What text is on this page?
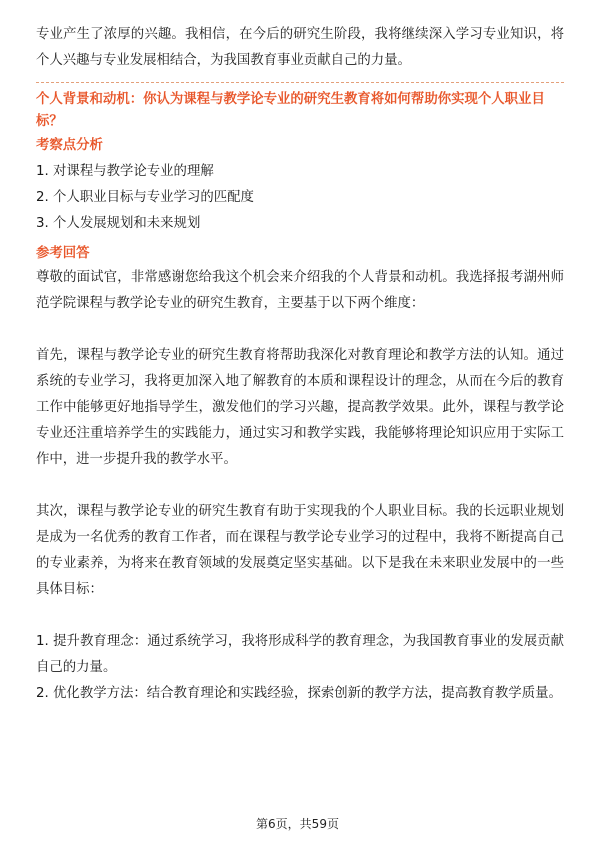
专业产生了浓厚的兴趣。我相信，在今后的研究生阶段，我将继续深入学习专业知识，将个人兴趣与专业发展相结合，为我国教育事业贡献自己的力量。

个人背景和动机：你认为课程与教学论专业的研究生教育将如何帮助你实现个人职业目标？

考察点分析

1. 对课程与教学论专业的理解

2. 个人职业目标与专业学习的匹配度

3. 个人发展规划和未来规划

参考回答

尊敬的面试官，非常感谢您给我这个机会来介绍我的个人背景和动机。我选择报考湖州师范学院课程与教学论专业的研究生教育，主要基于以下两个维度：

首先，课程与教学论专业的研究生教育将帮助我深化对教育理论和教学方法的认知。通过系统的专业学习，我将更加深入地了解教育的本质和课程设计的理念，从而在今后的教育工作中能够更好地指导学生，激发他们的学习兴趣，提高教学效果。此外，课程与教学论专业还注重培养学生的实践能力，通过实习和教学实践，我能够将理论知识应用于实际工作中，进一步提升我的教学水平。

其次，课程与教学论专业的研究生教育有助于实现我的个人职业目标。我的长远职业规划是成为一名优秀的教育工作者，而在课程与教学论专业学习的过程中，我将不断提高自己的专业素养，为将来在教育领域的发展奠定坚实基础。以下是我在未来职业发展中的一些具体目标：

1. 提升教育理念：通过系统学习，我将形成科学的教育理念，为我国教育事业的发展贡献自己的力量。

2. 优化教学方法：结合教育理论和实践经验，探索创新的教学方法，提高教育教学质量。

第6页，共59页
